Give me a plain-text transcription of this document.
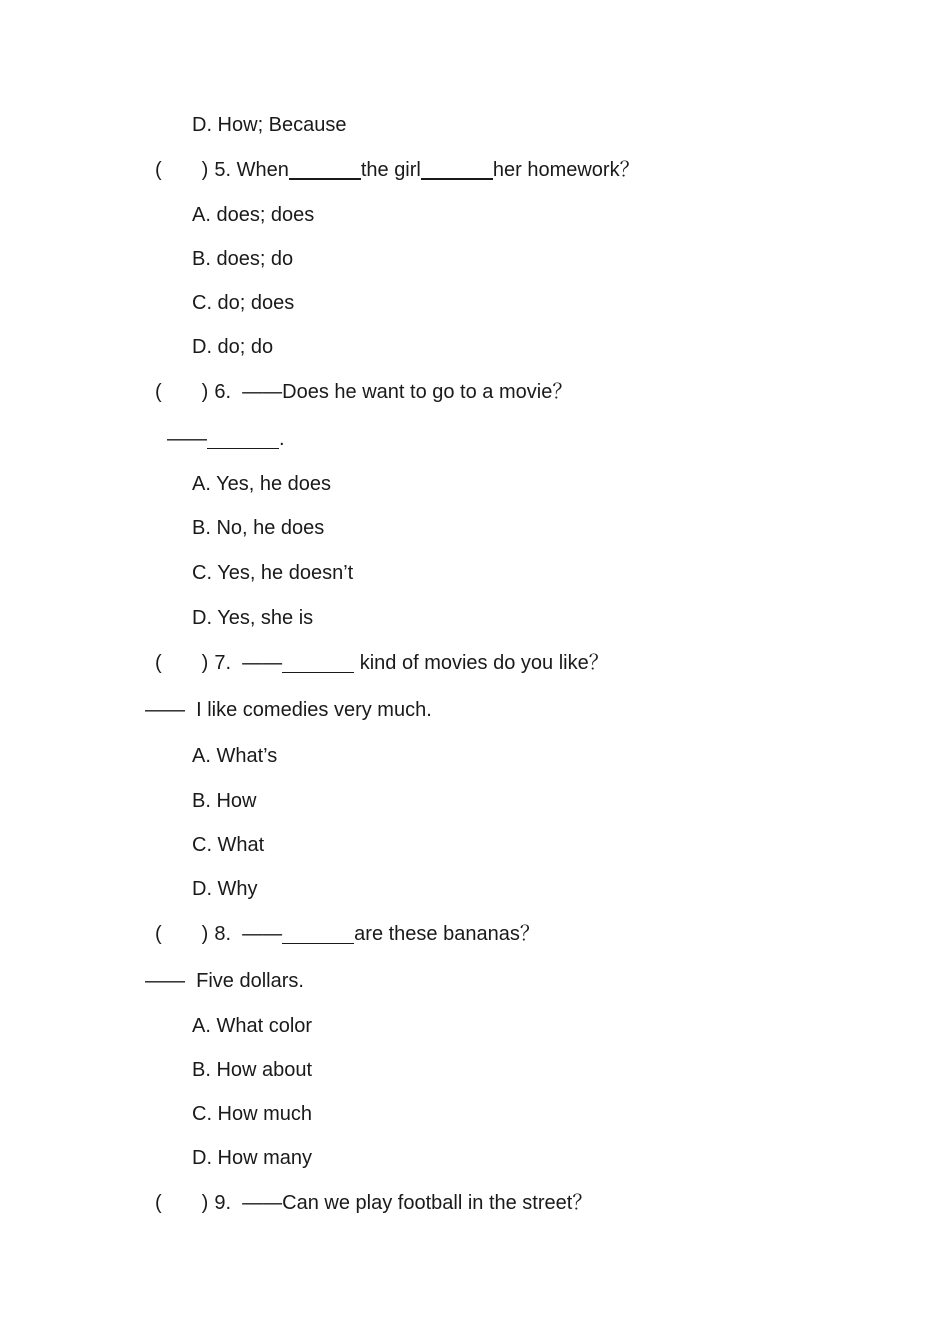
D. How; Because
( ) 5. When	the girl	her homework？
A. does; does
B. does; do
C. do; does
D. do; do
( ) 6. ——Does he want to go to a movie？
——	.
A. Yes, he does
B. No, he does
C. Yes, he doesn’t
D. Yes, she is
( ) 7. ——	kind of movies do you like？
—— I like comedies very much.
A. What’s
B. How
C. What
D. Why
( ) 8. ——	are these bananas？
—— Five dollars.
A. What color
B. How about
C. How much
D. How many
( ) 9. ——Can we play football in the street？
